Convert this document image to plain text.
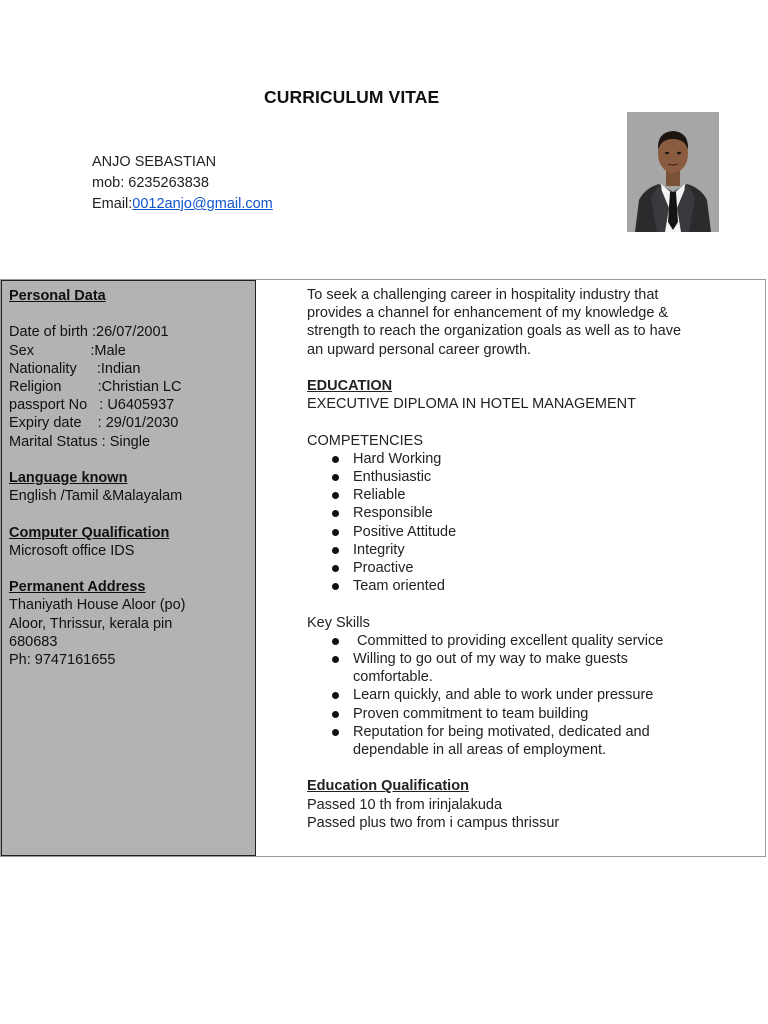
CURRICULUM VITAE
ANJO SEBASTIAN
mob: 6235263838
Email:0012anjo@gmail.com
Personal Data
Date of birth :26/07/2001
Sex              :Male
Nationality     :Indian
Religion         :Christian LC
passport No   : U6405937
Expiry date    : 29/01/2030
Marital Status : Single
Language known
English /Tamil &Malayalam
Computer Qualification
Microsoft office IDS
Permanent Address
Thaniyath House Aloor (po)
Aloor, Thrissur, kerala pin
680683
Ph: 9747161655
To seek a challenging career in hospitality industry that
provides a channel for enhancement of my knowledge &
strength to reach the organization goals as well as to have
an upward personal career growth.
EDUCATION
EXECUTIVE DIPLOMA IN HOTEL MANAGEMENT
COMPETENCIES
Hard Working
Enthusiastic
Reliable
Responsible
Positive Attitude
Integrity
Proactive
Team oriented
Key Skills
Committed to providing excellent quality service
Willing to go out of my way to make guests comfortable.
Learn quickly, and able to work under pressure
Proven commitment to team building
Reputation for being motivated, dedicated and dependable in all areas of employment.
Education Qualification
Passed 10 th from irinjalakuda
Passed plus two from i campus thrissur
